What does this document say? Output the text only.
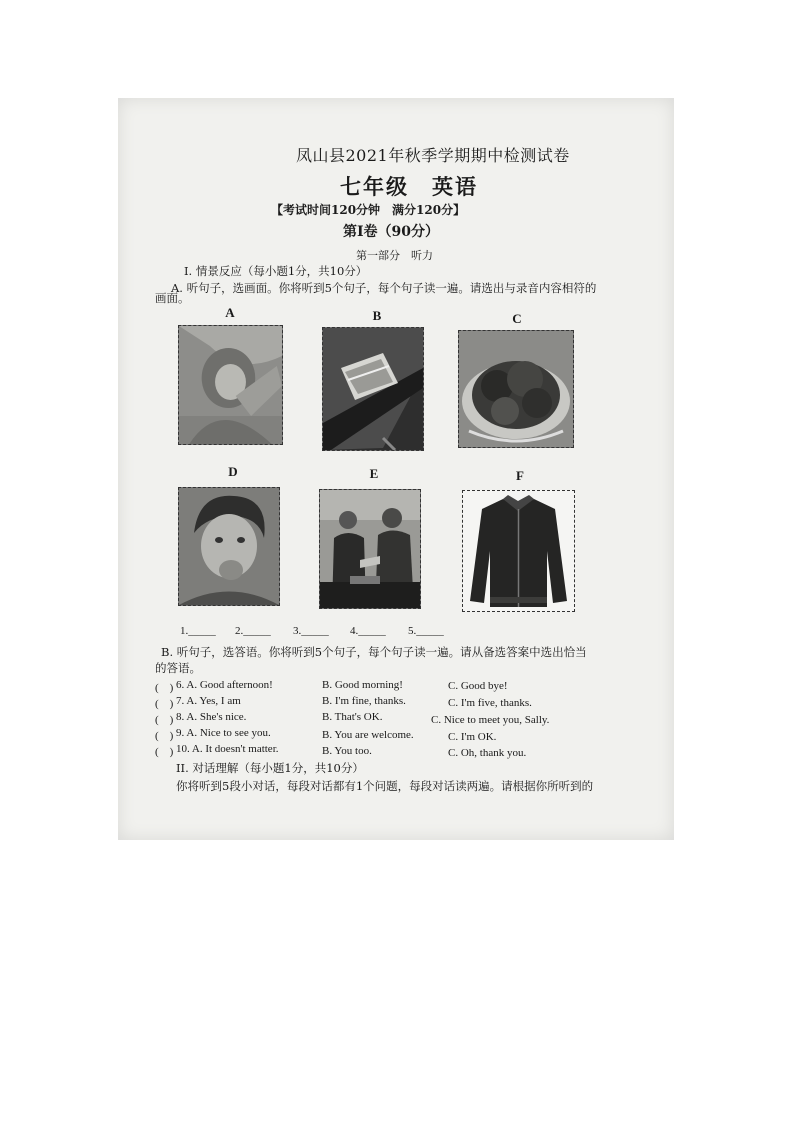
凤山县2021年秋季学期期中检测试卷
七年级　英语
【考试时间120分钟　满分120分】
第Ⅰ卷（90分）
第一部分　听力
I. 情景反应（每小题1分，共10分）
A. 听句子，选画面。你将听到5个句子，每个句子读一遍。请选出与录音内容相符的
画面。
A	B	C
D	E	F
1._____ 2._____ 3._____ 4._____ 5._____
B. 听句子，选答语。你将听到5个句子，每个句子读一遍。请从备选答案中选出恰当
的答语。
(　) 6. A. Good afternoon!	B. Good morning!	C. Good bye!
(　) 7. A. Yes, I am	B. I'm fine, thanks.	C. I'm five, thanks.
(　) 8. A. She's nice.	B. That's OK.	C. Nice to meet you, Sally.
(　) 9. A. Nice to see you.	B. You are welcome.	C. I'm OK.
(　) 10. A. It doesn't matter.	B. You too.	C. Oh, thank you.
II. 对话理解（每小题1分，共10分）
你将听到5段小对话，每段对话都有1个问题，每段对话读两遍。请根据你所听到的
